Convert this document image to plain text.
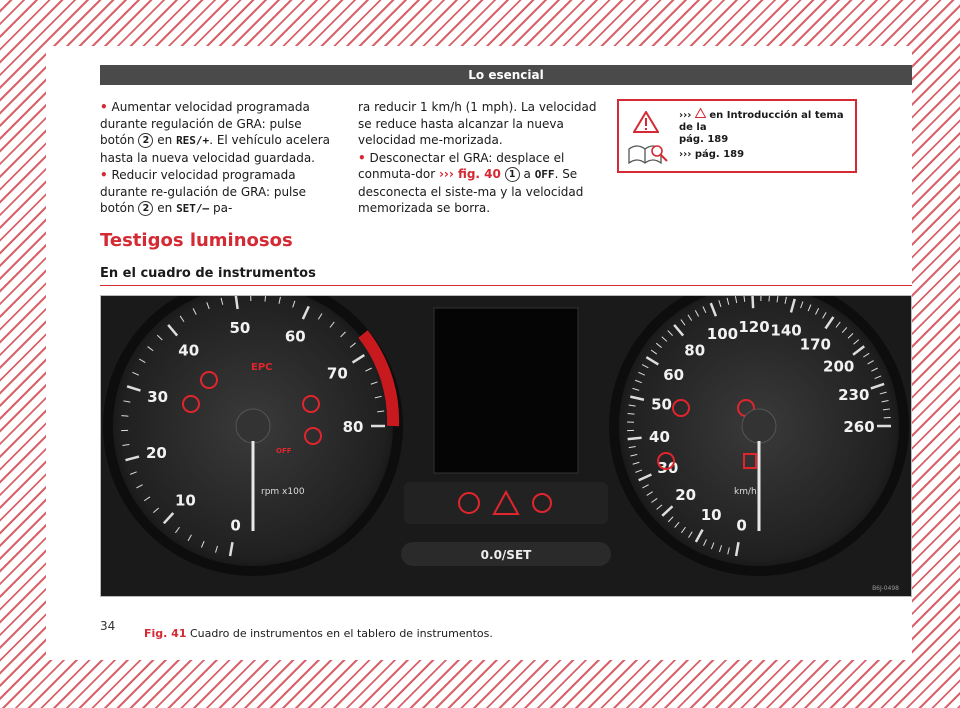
Lo esencial

• Aumentar velocidad programada durante regulación de GRA: pulse botón 2 en RES/+. El vehículo acelera hasta la nueva velocidad guardada.

• Reducir velocidad programada durante re-gulación de GRA: pulse botón 2 en SET/– pa-

ra reducir 1 km/h (1 mph). La velocidad se reduce hasta alcanzar la nueva velocidad me-morizada.

• Desconectar el GRA: desplace el conmuta-dor ››› fig. 40 1 a OFF. Se desconecta el siste-ma y la velocidad memorizada se borra.

›››  en Introducción al tema de la
pág. 189
››› pág. 189
Testigos luminosos
En el cuadro de instrumentos
0
10
20
30
40
50 60
70
80
rpm x100
0
10
20
30
40
50
60
80
100 120 140
170
200
230
260
km/h
0.0/SET
EPC
OFF
B6J-0498
Fig. 41 Cuadro de instrumentos en el tablero de instrumentos.
34
